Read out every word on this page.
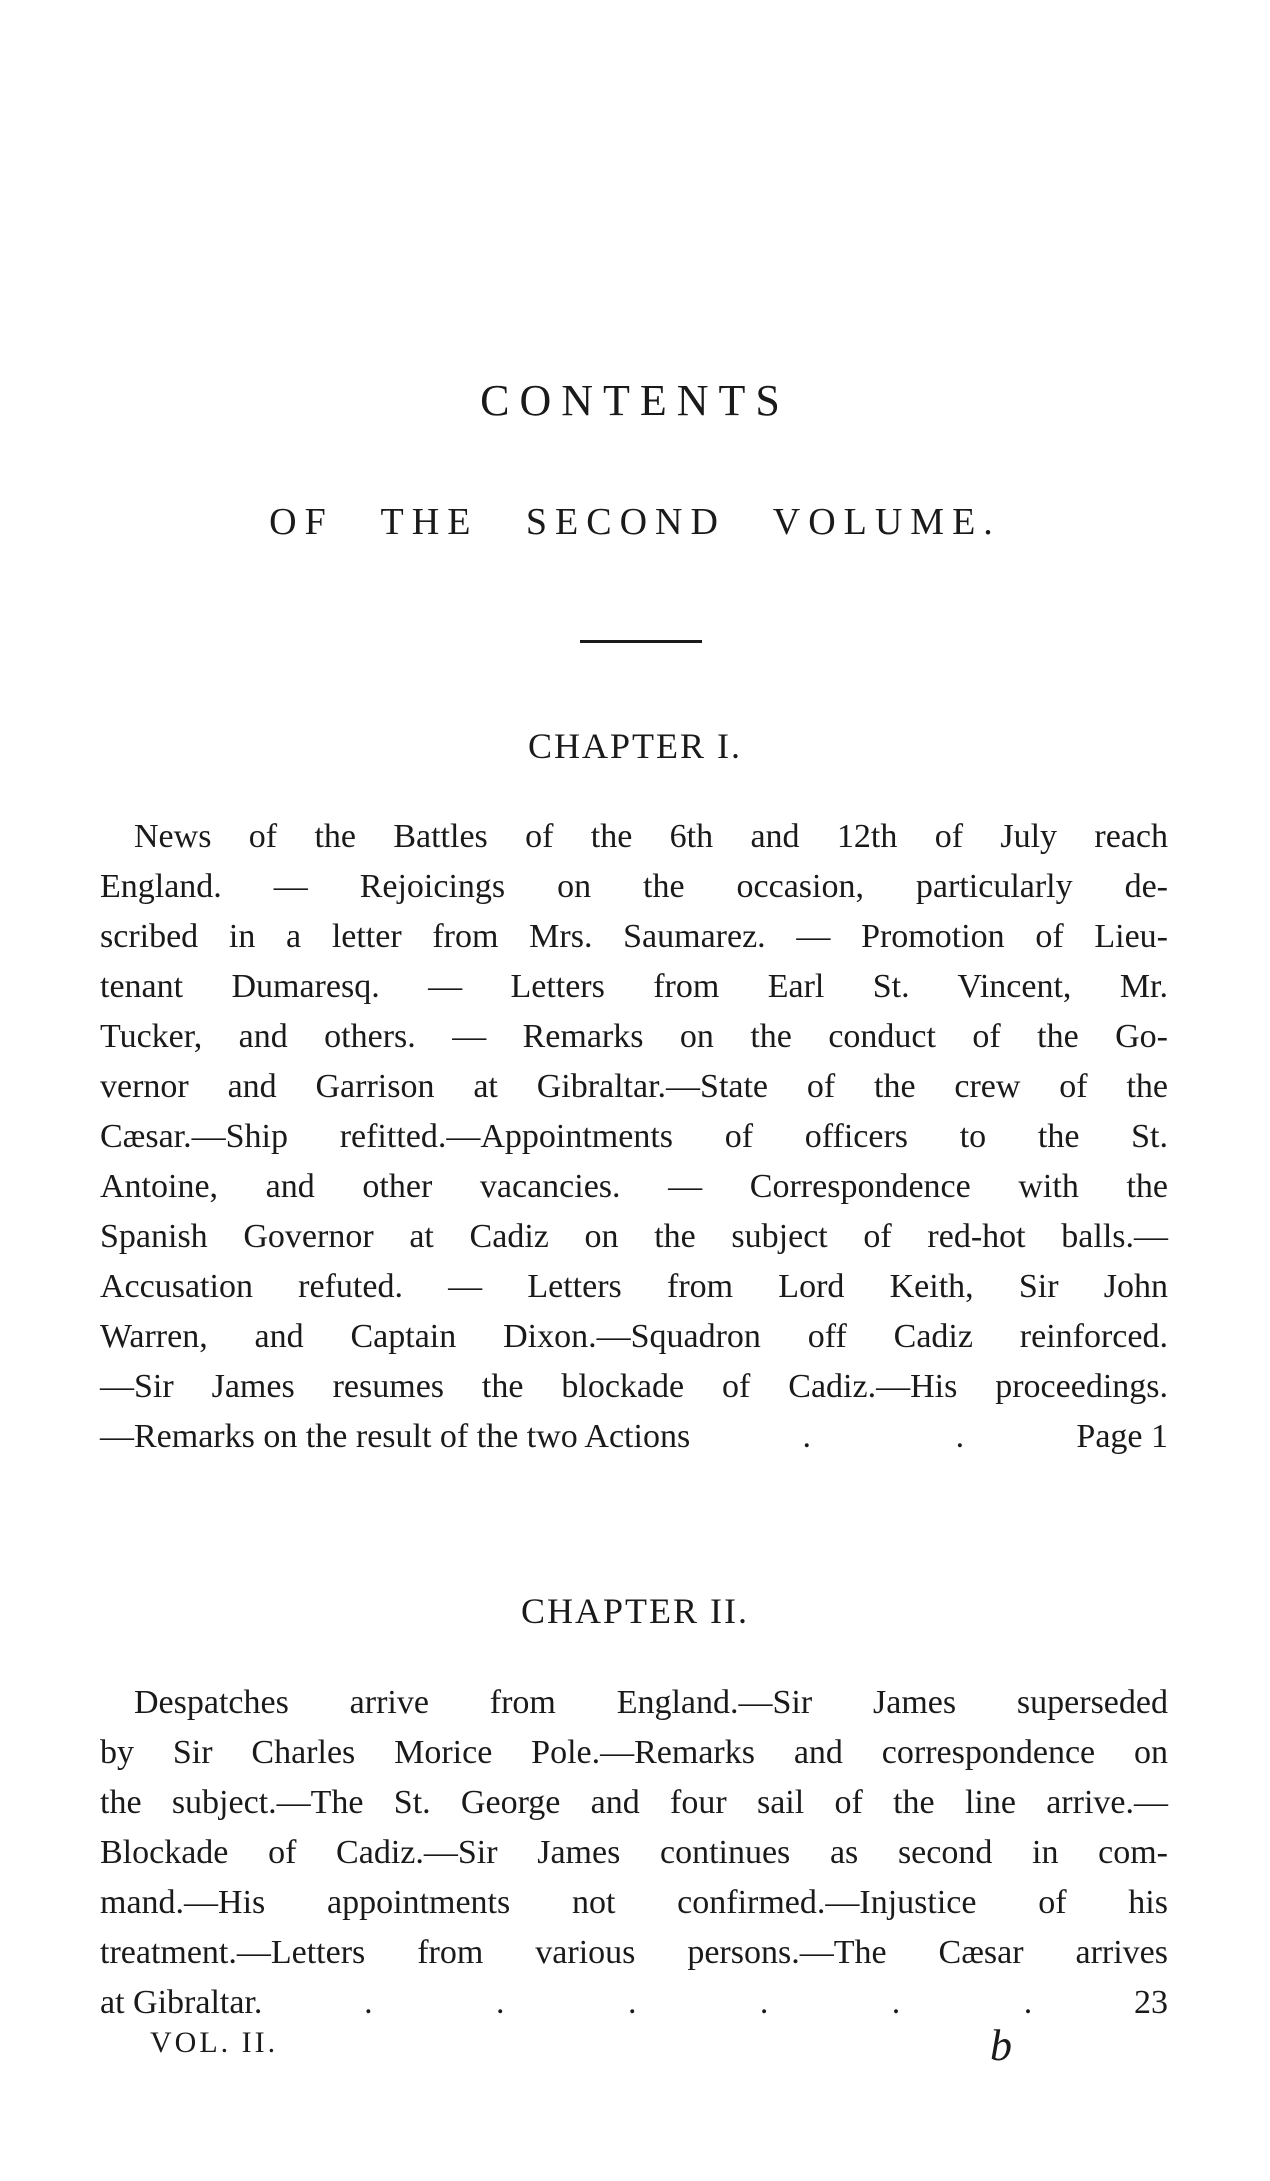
CONTENTS
OF THE SECOND VOLUME.
CHAPTER I.
News of the Battles of the 6th and 12th of July reach
England. — Rejoicings on the occasion, particularly de-
scribed in a letter from Mrs. Saumarez. — Promotion of Lieu-
tenant Dumaresq. — Letters from Earl St. Vincent, Mr.
Tucker, and others. — Remarks on the conduct of the Go-
vernor and Garrison at Gibraltar.—State of the crew of the
Cæsar.—Ship refitted.—Appointments of officers to the St.
Antoine, and other vacancies. — Correspondence with the
Spanish Governor at Cadiz on the subject of red-hot balls.—
Accusation refuted. — Letters from Lord Keith, Sir John
Warren, and Captain Dixon.—Squadron off Cadiz reinforced.
—Sir James resumes the blockade of Cadiz.—His proceedings.
—Remarks on the result of the two Actions	.	.	Page 1
CHAPTER II.
Despatches arrive from England.—Sir James superseded
by Sir Charles Morice Pole.—Remarks and correspondence on
the subject.—The St. George and four sail of the line arrive.—
Blockade of Cadiz.—Sir James continues as second in com-
mand.—His appointments not confirmed.—Injustice of his
treatment.—Letters from various persons.—The Cæsar arrives
at Gibraltar.	.	.	.	.	.	.	23
VOL. II.	b
